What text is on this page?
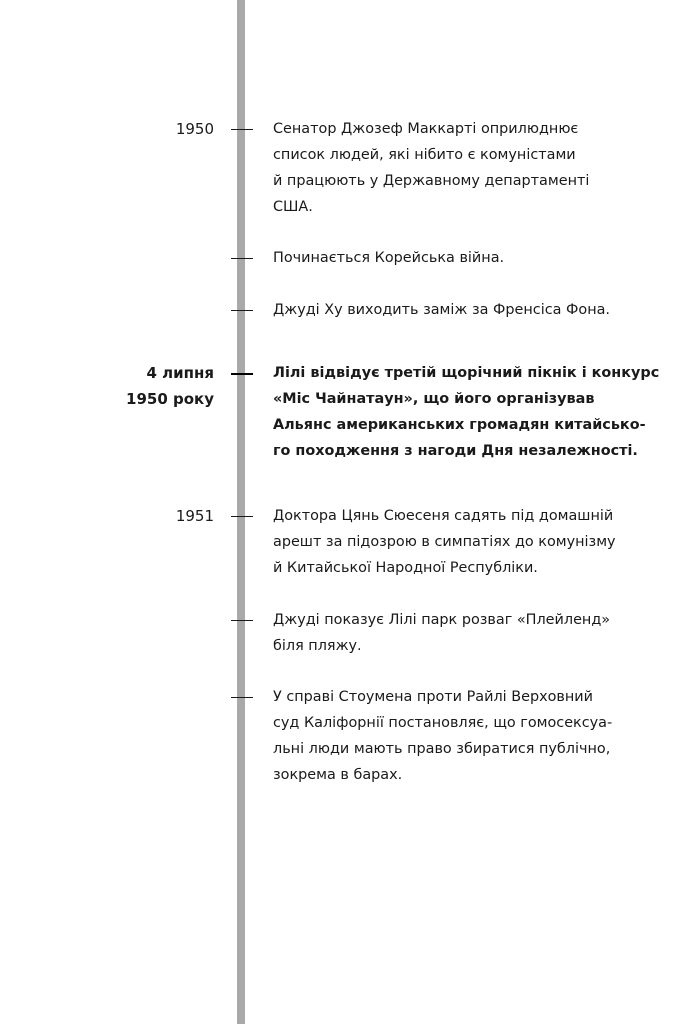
1950	Сенатор Джозеф Маккарті оприлюднює
список людей, які нібито є комуністами
й працюють у Державному департаменті
США.
Починається Корейська війна.
Джуді Ху виходить заміж за Френсіса Фона.
4 липня
1950 року
Лілі відвідує третій щорічний пікнік і конкурс
«Міс Чайнатаун», що його організував
Альянс американських громадян китайсько-
го походження з нагоди Дня незалежності.
1951	Доктора Цянь Сюесеня садять під домашній
арешт за підозрою в симпатіях до комунізму
й Китайської Народної Республіки.
Джуді показує Лілі парк розваг «Плейленд»
біля пляжу.
У справі Стоумена проти Райлі Верховний
суд Каліфорнії постановляє, що гомосексуа-
льні люди мають право збиратися публічно,
зокрема в барах.
